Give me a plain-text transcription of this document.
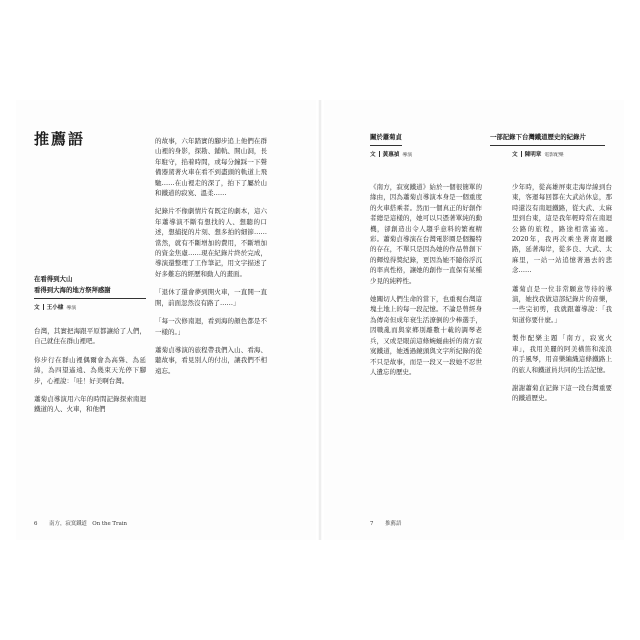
推薦語
在看得到大山
看得到大海的地方祭拜感謝
文 王小棣 導演

台灣，其實把海跟平原都讓給了人們，自己就住在群山裡吧。

你步行在群山裡偶爾會為高聳、為延綿，為四望遙遠、為幾束天光停下腳步，心裡說：「哇！好美啊台灣。

蕭菊貞導演用六年的時間記錄探索南迴鐵道的人、火車，和他們

的故事，六年踏實的腳步追上他們在群山裡的身影，探勘、鋪軌、開山洞，長年駐守，掐着時間，或每分鐘踩一下聲備器駕著火車在看不到盡頭的軌道上飛馳……在山裡走的深了，拍下了屬於山和鐵道的寂寞、溫柔……

紀錄片不像劇情片有既定的劇本，這六年蕭導演不斷有想找的人、想聽的口述，想捕捉的片刻、想多拍的細節……當然，就有不斷增加的費用，不斷增加的資金焦慮……現在紀錄片終於完成，導演還整理了工作筆記，用文字描述了好多難忘的經歷和動人的畫面。

「退休了還會夢到開火車，一直開一直開，前面忽然沒有路了……」

「每一次修南迴，看到海的顏色都是不一樣的。」

蕭菊貞導演的旅程帶我們入山、看海、聽故事，看見別人的付出，讓我們不相遠忘。

6 南方，寂寞鐵道　On the Train
關於蕭菊貞
文 黃惠禎 導演
一部記錄下台灣鐵道歷史的紀錄片
文 陳明章 電影配樂

《南方，寂寞鐵道》始於一個很簡單的緣由，因為蕭菊貞導演本身是一個重度的火車搭乘者。然而一個真正的好創作者總是這樣的，她可以只憑著單純的動機，卻創造出令人趨乎意料的繁複精彩。蕭菊貞導演在台灣電影圈是個獨特的存在，不單只是因為她的作品曾創下的輝煌得獎紀錄，更因為她不隨俗浮沉的率真性格，讓她的創作一直保有某種少見的純粹性。

她關切人們生命的當下，也重視台灣這塊土地上的每一段記憶。不論是曾經身為傳奇但成年衰生活潦倒的少棒選手，因戰亂而與家鄉別離數十載的調琴老兵，又或是眼前這條蜿蜒曲折的南方寂寞鐵道，她透過鏡頭與文字所紀錄的從不只是故事，而是一段又一段她不忍世人遺忘的歷史。

少年時，從高雄屏東走海岸線到台東，客運每回都在大武站休息，那時還沒有南迴鐵路，從大武、太麻里到台東，這是我年輕時常在南迴公路的旅程，路途相當遙遠。2020年，我再次乘坐著南迴鐵路，延著海岸，從多良、大武、太麻里，一站一站追憶著過去的悲念……

蕭菊貞是一位非常願意等待的導演，她找我做這部紀錄片的音樂，一些完初剪，我就跟蕭導說：「我知道你要什麼。」

製作配樂主題「南方，寂寞火車」，我用美麗的阿美橫笛和流浪的手風琴，用音樂編織這條鐵路上的旅人和鐵道員共同的生活記憶。

謝謝蕭菊貞記錄下這一段台灣重要的鐵道歷史。

7 推薦語
